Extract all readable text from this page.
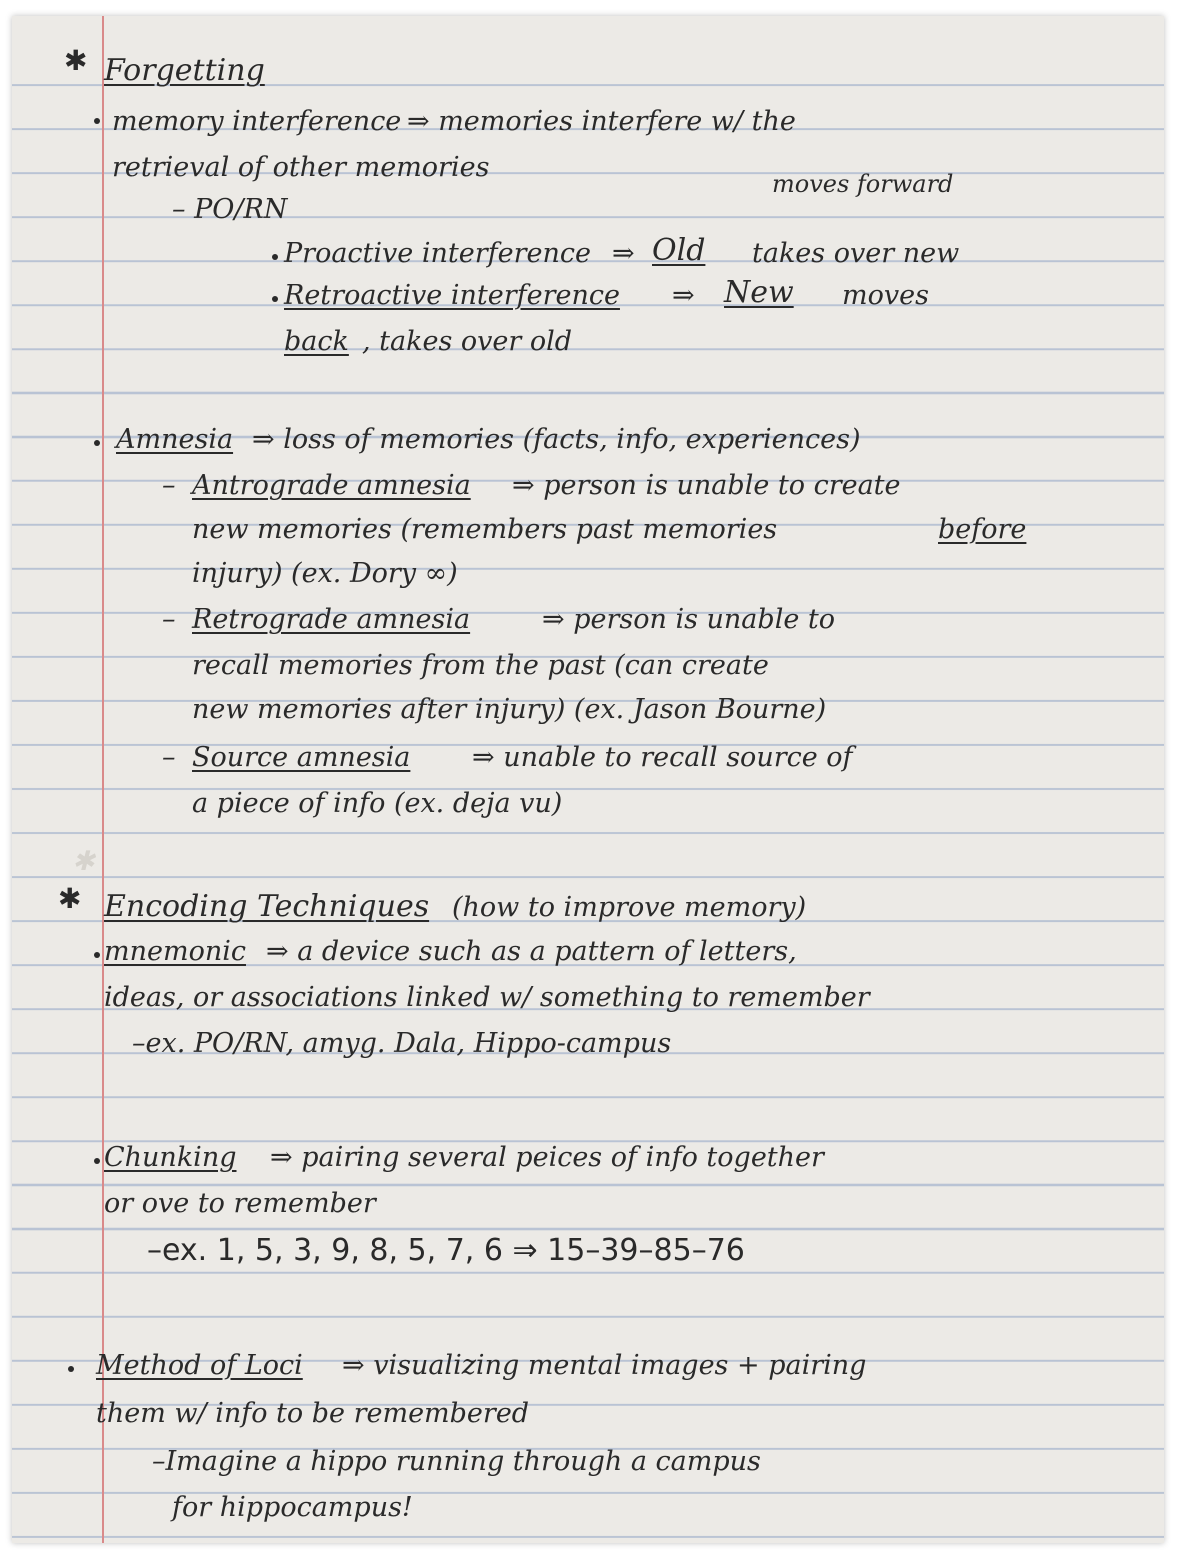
✱ Forgetting
memory interference ⇒ memories interfere w/ the
retrieval of other memories
– PO/RN
moves forward
Proactive interference ⇒ Old takes over new
Retroactive interference ⇒ New moves
back , takes over old
Amnesia ⇒ loss of memories (facts, info, experiences)
– Antrograde amnesia ⇒ person is unable to create
new memories (remembers past memories	before
injury) (ex. Dory ∞)
– Retrograde amnesia	⇒ person is unable to
recall memories from the past (can create
new memories after injury) (ex. Jason Bourne)
– Source amnesia ⇒ unable to recall source of
a piece of info (ex. deja vu)
✱
✱ Encoding Techniques (how to improve memory)
mnemonic ⇒ a device such as a pattern of letters,
ideas, or associations linked w/ something to remember
–ex. PO/RN, amyg. Dala, Hippo-campus
Chunking ⇒ pairing several peices of info together
or ove to remember
–ex. 1, 5, 3, 9, 8, 5, 7, 6 ⇒ 15–39–85–76
Method of Loci ⇒ visualizing mental images + pairing
them w/ info to be remembered
–Imagine a hippo running through a campus
for hippocampus!
